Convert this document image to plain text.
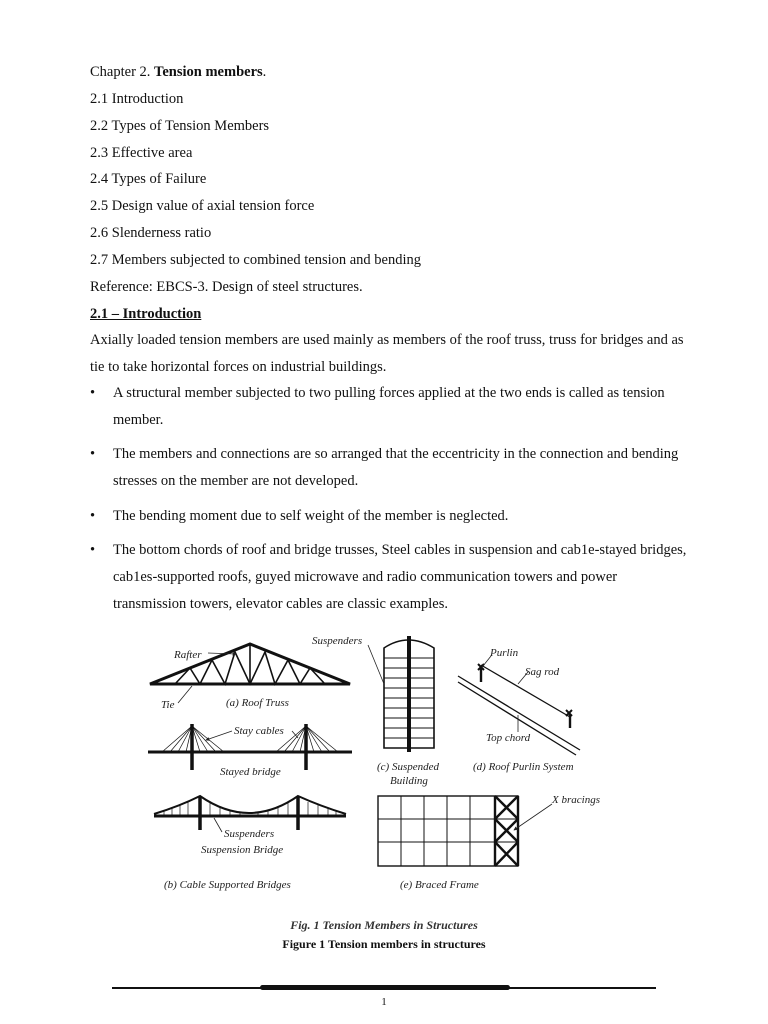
Chapter 2. Tension members.
2.1 Introduction
2.2 Types of Tension Members
2.3 Effective area
2.4 Types of Failure
2.5 Design value of axial tension force
2.6 Slenderness ratio
2.7 Members subjected to combined tension and bending
Reference: EBCS-3. Design of steel structures.
2.1 – Introduction
Axially loaded tension members are used mainly as members of the roof truss, truss for bridges and as tie to take horizontal forces on industrial buildings.
• A structural member subjected to two pulling forces applied at the two ends is called as tension member.
• The members and connections are so arranged that the eccentricity in the connection and bending stresses on the member are not developed.
• The bending moment due to self weight of the member is neglected.
• The bottom chords of roof and bridge trusses, Steel cables in suspension and cab1e-stayed bridges, cab1es-supported roofs, guyed microwave and radio communication towers and power transmission towers, elevator cables are classic examples.
Rafter
Tie	(a) Roof Truss
Stay cables
Stayed bridge
Suspenders
Suspension Bridge
(b) Cable Supported Bridges
Suspenders
(c) Suspended
Building
Purlin
Sag rod
Top chord
(d) Roof Purlin System
X bracings
(e) Braced Frame
Fig. 1 Tension Members in Structures
Figure 1 Tension members in structures
1
